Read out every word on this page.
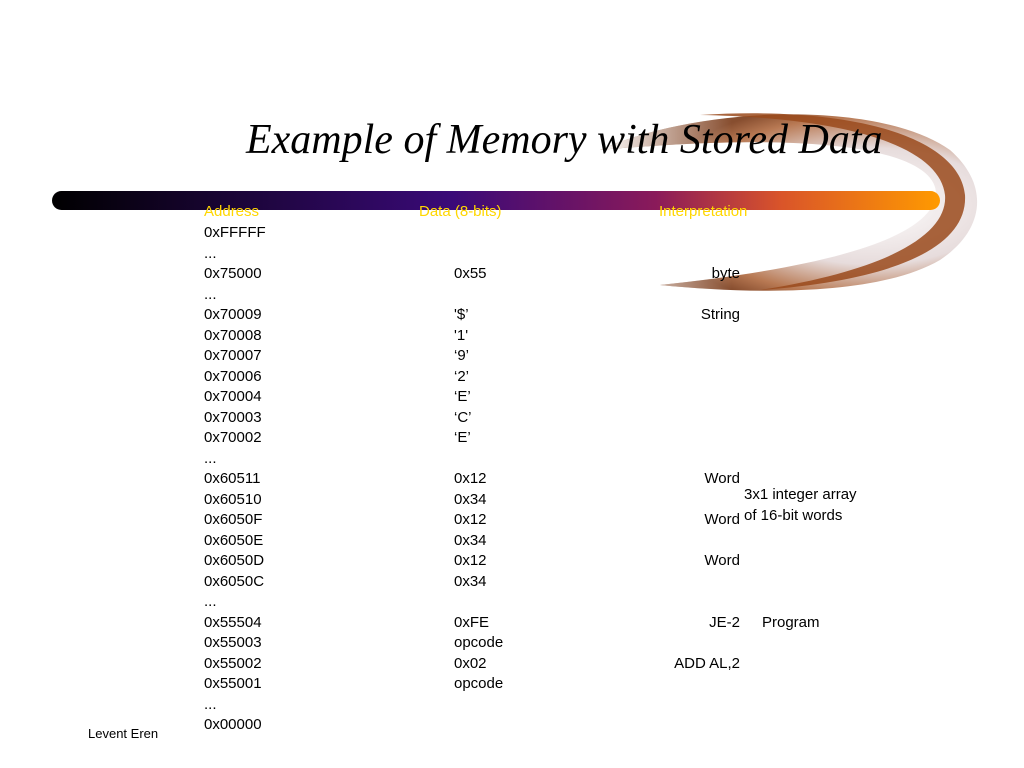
Example of Memory with Stored Data
Address	Data (8-bits)	Interpretation
0xFFFFF
...
0x75000	0x55	byte
...
0x70009	'$’	String
0x70008	'1'
0x70007	‘9’
0x70006	‘2’
0x70004	‘E’
0x70003	‘C’
0x70002	‘E’
...
0x60511	0x12	Word
0x60510	0x34
0x6050F	0x12	Word
0x6050E	0x34
0x6050D	0x12	Word
0x6050C	0x34
...
0x55504	0xFE	JE-2
0x55003	opcode
0x55002	0x02	ADD AL,2
0x55001	opcode
...
0x00000
3x1 integer array
of 16-bit words
Program
Levent Eren
